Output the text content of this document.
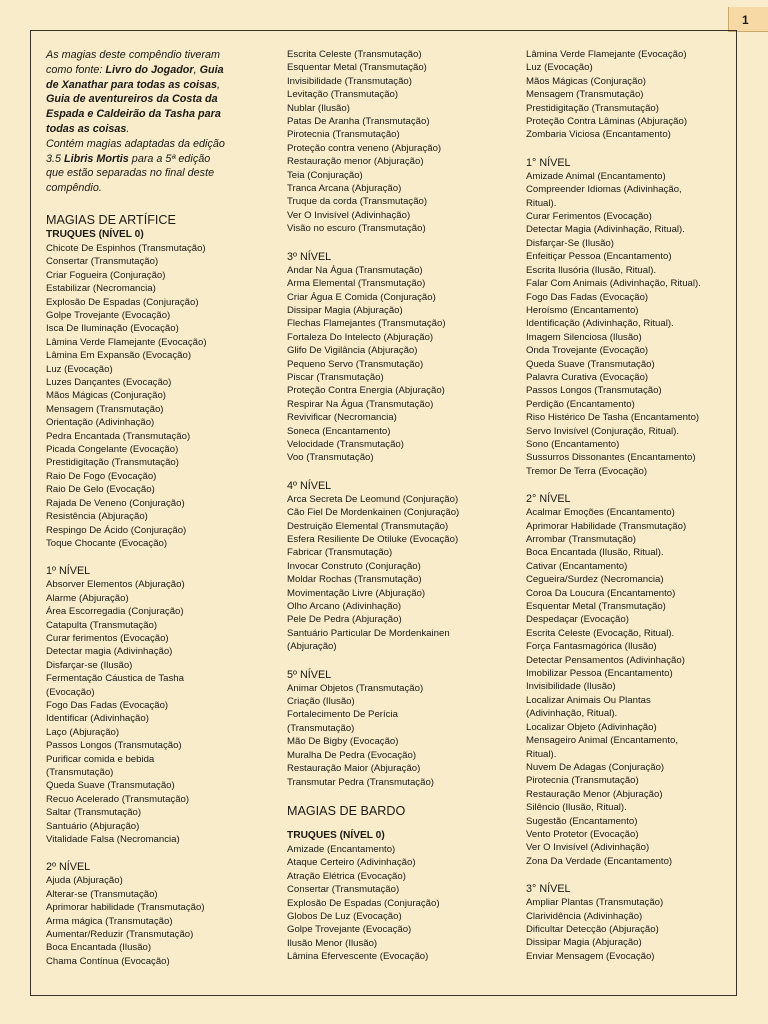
1
As magias deste compêndio tiveram
como fonte: Livro do Jogador, Guia
de Xanathar para todas as coisas,
Guia de aventureiros da Costa da
Espada e Caldeirão da Tasha para
todas as coisas.
Contém magias adaptadas da edição
3.5 Libris Mortis para a 5ª edição
que estão separadas no final deste
compêndio.
MAGIAS DE ARTÍFICE
TRUQUES (NÍVEL 0)
Chicote De Espinhos (Transmutação)
Consertar (Transmutação)
Criar Fogueira (Conjuração)
Estabilizar (Necromancia)
Explosão De Espadas (Conjuração)
Golpe Trovejante (Evocação)
Isca De Iluminação (Evocação)
Lâmina Verde Flamejante (Evocação)
Lâmina Em Expansão (Evocação)
Luz (Evocação)
Luzes Dançantes (Evocação)
Mãos Mágicas (Conjuração)
Mensagem (Transmutação)
Orientação (Adivinhação)
Pedra Encantada (Transmutação)
Picada Congelante (Evocação)
Prestidigitação (Transmutação)
Raio De Fogo (Evocação)
Raio De Gelo (Evocação)
Rajada De Veneno (Conjuração)
Resistência (Abjuração)
Respingo De Ácido (Conjuração)
Toque Chocante (Evocação)
1º NÍVEL
Absorver Elementos (Abjuração)
Alarme (Abjuração)
Área Escorregadia (Conjuração)
Catapulta (Transmutação)
Curar ferimentos (Evocação)
Detectar magia (Adivinhação)
Disfarçar-se (Ilusão)
Fermentação Cáustica de Tasha
(Evocação)
Fogo Das Fadas (Evocação)
Identificar (Adivinhação)
Laço (Abjuração)
Passos Longos (Transmutação)
Purificar comida e bebida
(Transmutação)
Queda Suave (Transmutação)
Recuo Acelerado (Transmutação)
Saltar (Transmutação)
Santuário (Abjuração)
Vitalidade Falsa (Necromancia)
2º NÍVEL
Ajuda (Abjuração)
Alterar-se (Transmutação)
Aprimorar habilidade (Transmutação)
Arma mágica (Transmutação)
Aumentar/Reduzir (Transmutação)
Boca Encantada (Ilusão)
Chama Contínua (Evocação)
Escrita Celeste (Transmutação)
Esquentar Metal (Transmutação)
Invisibilidade (Transmutação)
Levitação (Transmutação)
Nublar (Ilusão)
Patas De Aranha (Transmutação)
Pirotecnia (Transmutação)
Proteção contra veneno (Abjuração)
Restauração menor (Abjuração)
Teia (Conjuração)
Tranca Arcana (Abjuração)
Truque da corda (Transmutação)
Ver O Invisível (Adivinhação)
Visão no escuro (Transmutação)
3º NÍVEL
Andar Na Água (Transmutação)
Arma Elemental (Transmutação)
Criar Água E Comida (Conjuração)
Dissipar Magia (Abjuração)
Flechas Flamejantes (Transmutação)
Fortaleza Do Intelecto (Abjuração)
Glifo De Vigilância (Abjuração)
Pequeno Servo (Transmutação)
Piscar (Transmutação)
Proteção Contra Energia (Abjuração)
Respirar Na Água (Transmutação)
Revivificar (Necromancia)
Soneca (Encantamento)
Velocidade (Transmutação)
Voo (Transmutação)
4º NÍVEL
Arca Secreta De Leomund (Conjuração)
Cão Fiel De Mordenkainen (Conjuração)
Destruição Elemental (Transmutação)
Esfera Resiliente De Otiluke (Evocação)
Fabricar (Transmutação)
Invocar Construto (Conjuração)
Moldar Rochas (Transmutação)
Movimentação Livre (Abjuração)
Olho Arcano (Adivinhação)
Pele De Pedra (Abjuração)
Santuário Particular De Mordenkainen
(Abjuração)
5º NÍVEL
Animar Objetos (Transmutação)
Criação (Ilusão)
Fortalecimento De Perícia
(Transmutação)
Mão De Bigby (Evocação)
Muralha De Pedra (Evocação)
Restauração Maior (Abjuração)
Transmutar Pedra (Transmutação)
MAGIAS DE BARDO
TRUQUES (NÍVEL 0)
Amizade (Encantamento)
Ataque Certeiro (Adivinhação)
Atração Elétrica (Evocação)
Consertar (Transmutação)
Explosão De Espadas (Conjuração)
Globos De Luz (Evocação)
Golpe Trovejante (Evocação)
Ilusão Menor (Ilusão)
Lâmina Efervescente (Evocação)
Lâmina Verde Flamejante (Evocação)
Luz (Evocação)
Mãos Mágicas (Conjuração)
Mensagem (Transmutação)
Prestidigitação (Transmutação)
Proteção Contra Lâminas (Abjuração)
Zombaria Viciosa (Encantamento)
1° NÍVEL
Amizade Animal (Encantamento)
Compreender Idiomas (Adivinhação,
Ritual).
Curar Ferimentos (Evocação)
Detectar Magia (Adivinhação, Ritual).
Disfarçar-Se (Ilusão)
Enfeitiçar Pessoa (Encantamento)
Escrita Ilusória (Ilusão, Ritual).
Falar Com Animais (Adivinhação, Ritual).
Fogo Das Fadas (Evocação)
Heroísmo (Encantamento)
Identificação (Adivinhação, Ritual).
Imagem Silenciosa (Ilusão)
Onda Trovejante (Evocação)
Queda Suave (Transmutação)
Palavra Curativa (Evocação)
Passos Longos (Transmutação)
Perdição (Encantamento)
Riso Histérico De Tasha (Encantamento)
Servo Invisível (Conjuração, Ritual).
Sono (Encantamento)
Sussurros Dissonantes (Encantamento)
Tremor De Terra (Evocação)
2° NÍVEL
Acalmar Emoções (Encantamento)
Aprimorar Habilidade (Transmutação)
Arrombar (Transmutação)
Boca Encantada (Ilusão, Ritual).
Cativar (Encantamento)
Cegueira/Surdez (Necromancia)
Coroa Da Loucura (Encantamento)
Esquentar Metal (Transmutação)
Despedaçar (Evocação)
Escrita Celeste (Evocação, Ritual).
Força Fantasmagórica (Ilusão)
Detectar Pensamentos (Adivinhação)
Imobilizar Pessoa (Encantamento)
Invisibilidade (Ilusão)
Localizar Animais Ou Plantas
(Adivinhação, Ritual).
Localizar Objeto (Adivinhação)
Mensageiro Animal (Encantamento,
Ritual).
Nuvem De Adagas (Conjuração)
Pirotecnia (Transmutação)
Restauração Menor (Abjuração)
Silêncio (Ilusão, Ritual).
Sugestão (Encantamento)
Vento Protetor (Evocação)
Ver O Invisível (Adivinhação)
Zona Da Verdade (Encantamento)
3° NÍVEL
Ampliar Plantas (Transmutação)
Clarividência (Adivinhação)
Dificultar Detecção (Abjuração)
Dissipar Magia (Abjuração)
Enviar Mensagem (Evocação)
